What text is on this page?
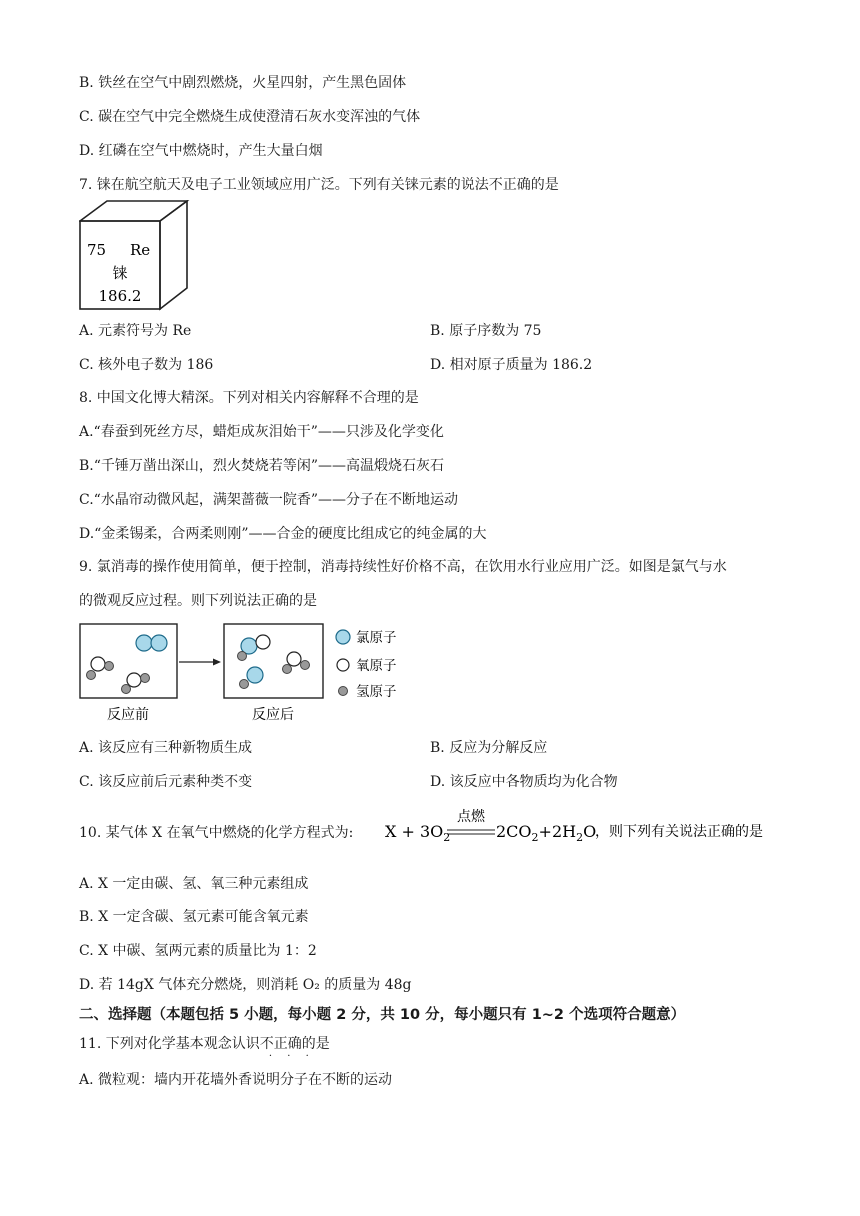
B. 铁丝在空气中剧烈燃烧，火星四射，产生黑色固体
C. 碳在空气中完全燃烧生成使澄清石灰水变浑浊的气体
D. 红磷在空气中燃烧时，产生大量白烟
7. 铼在航空航天及电子工业领域应用广泛。下列有关铼元素的说法不正确的是
75 Re
铼
186.2
A. 元素符号为 Re	B. 原子序数为 75
C. 核外电子数为 186	D. 相对原子质量为 186.2
8. 中国文化博大精深。下列对相关内容解释不合理的是
A.“春蚕到死丝方尽，蜡炬成灰泪始干”——只涉及化学变化
B.“千锤万凿出深山，烈火焚烧若等闲”——高温煅烧石灰石
C.“水晶帘动微风起，满架蔷薇一院香”——分子在不断地运动
D.“金柔锡柔，合两柔则刚”——合金的硬度比组成它的纯金属的大
9. 氯消毒的操作使用简单，便于控制，消毒持续性好价格不高，在饮用水行业应用广泛。如图是氯气与水
的微观反应过程。则下列说法正确的是
反应前	反应后
氯原子
氧原子
氢原子
A. 该反应有三种新物质生成	B. 反应为分解反应
C. 该反应前后元素种类不变	D. 该反应中各物质均为化合物
10. 某气体 X 在氧气中燃烧的化学方程式为: $X + 3O_2$
点燃
$2CO_2+2H_2O$
，则下列有关说法正确的是
A. X 一定由碳、氢、氧三种元素组成
B. X 一定含碳、氢元素可能含氧元素
C. X 中碳、氢两元素的质量比为 1：2
D. 若 14gX 气体充分燃烧，则消耗 O₂ 的质量为 48g
二、选择题（本题包括 5 小题，每小题 2 分，共 10 分，每小题只有 1~2 个选项符合题意）
11. 下列对化学基本观念认识不正确
· · ·
的是
A. 微粒观：墙内开花墙外香说明分子在不断的运动
